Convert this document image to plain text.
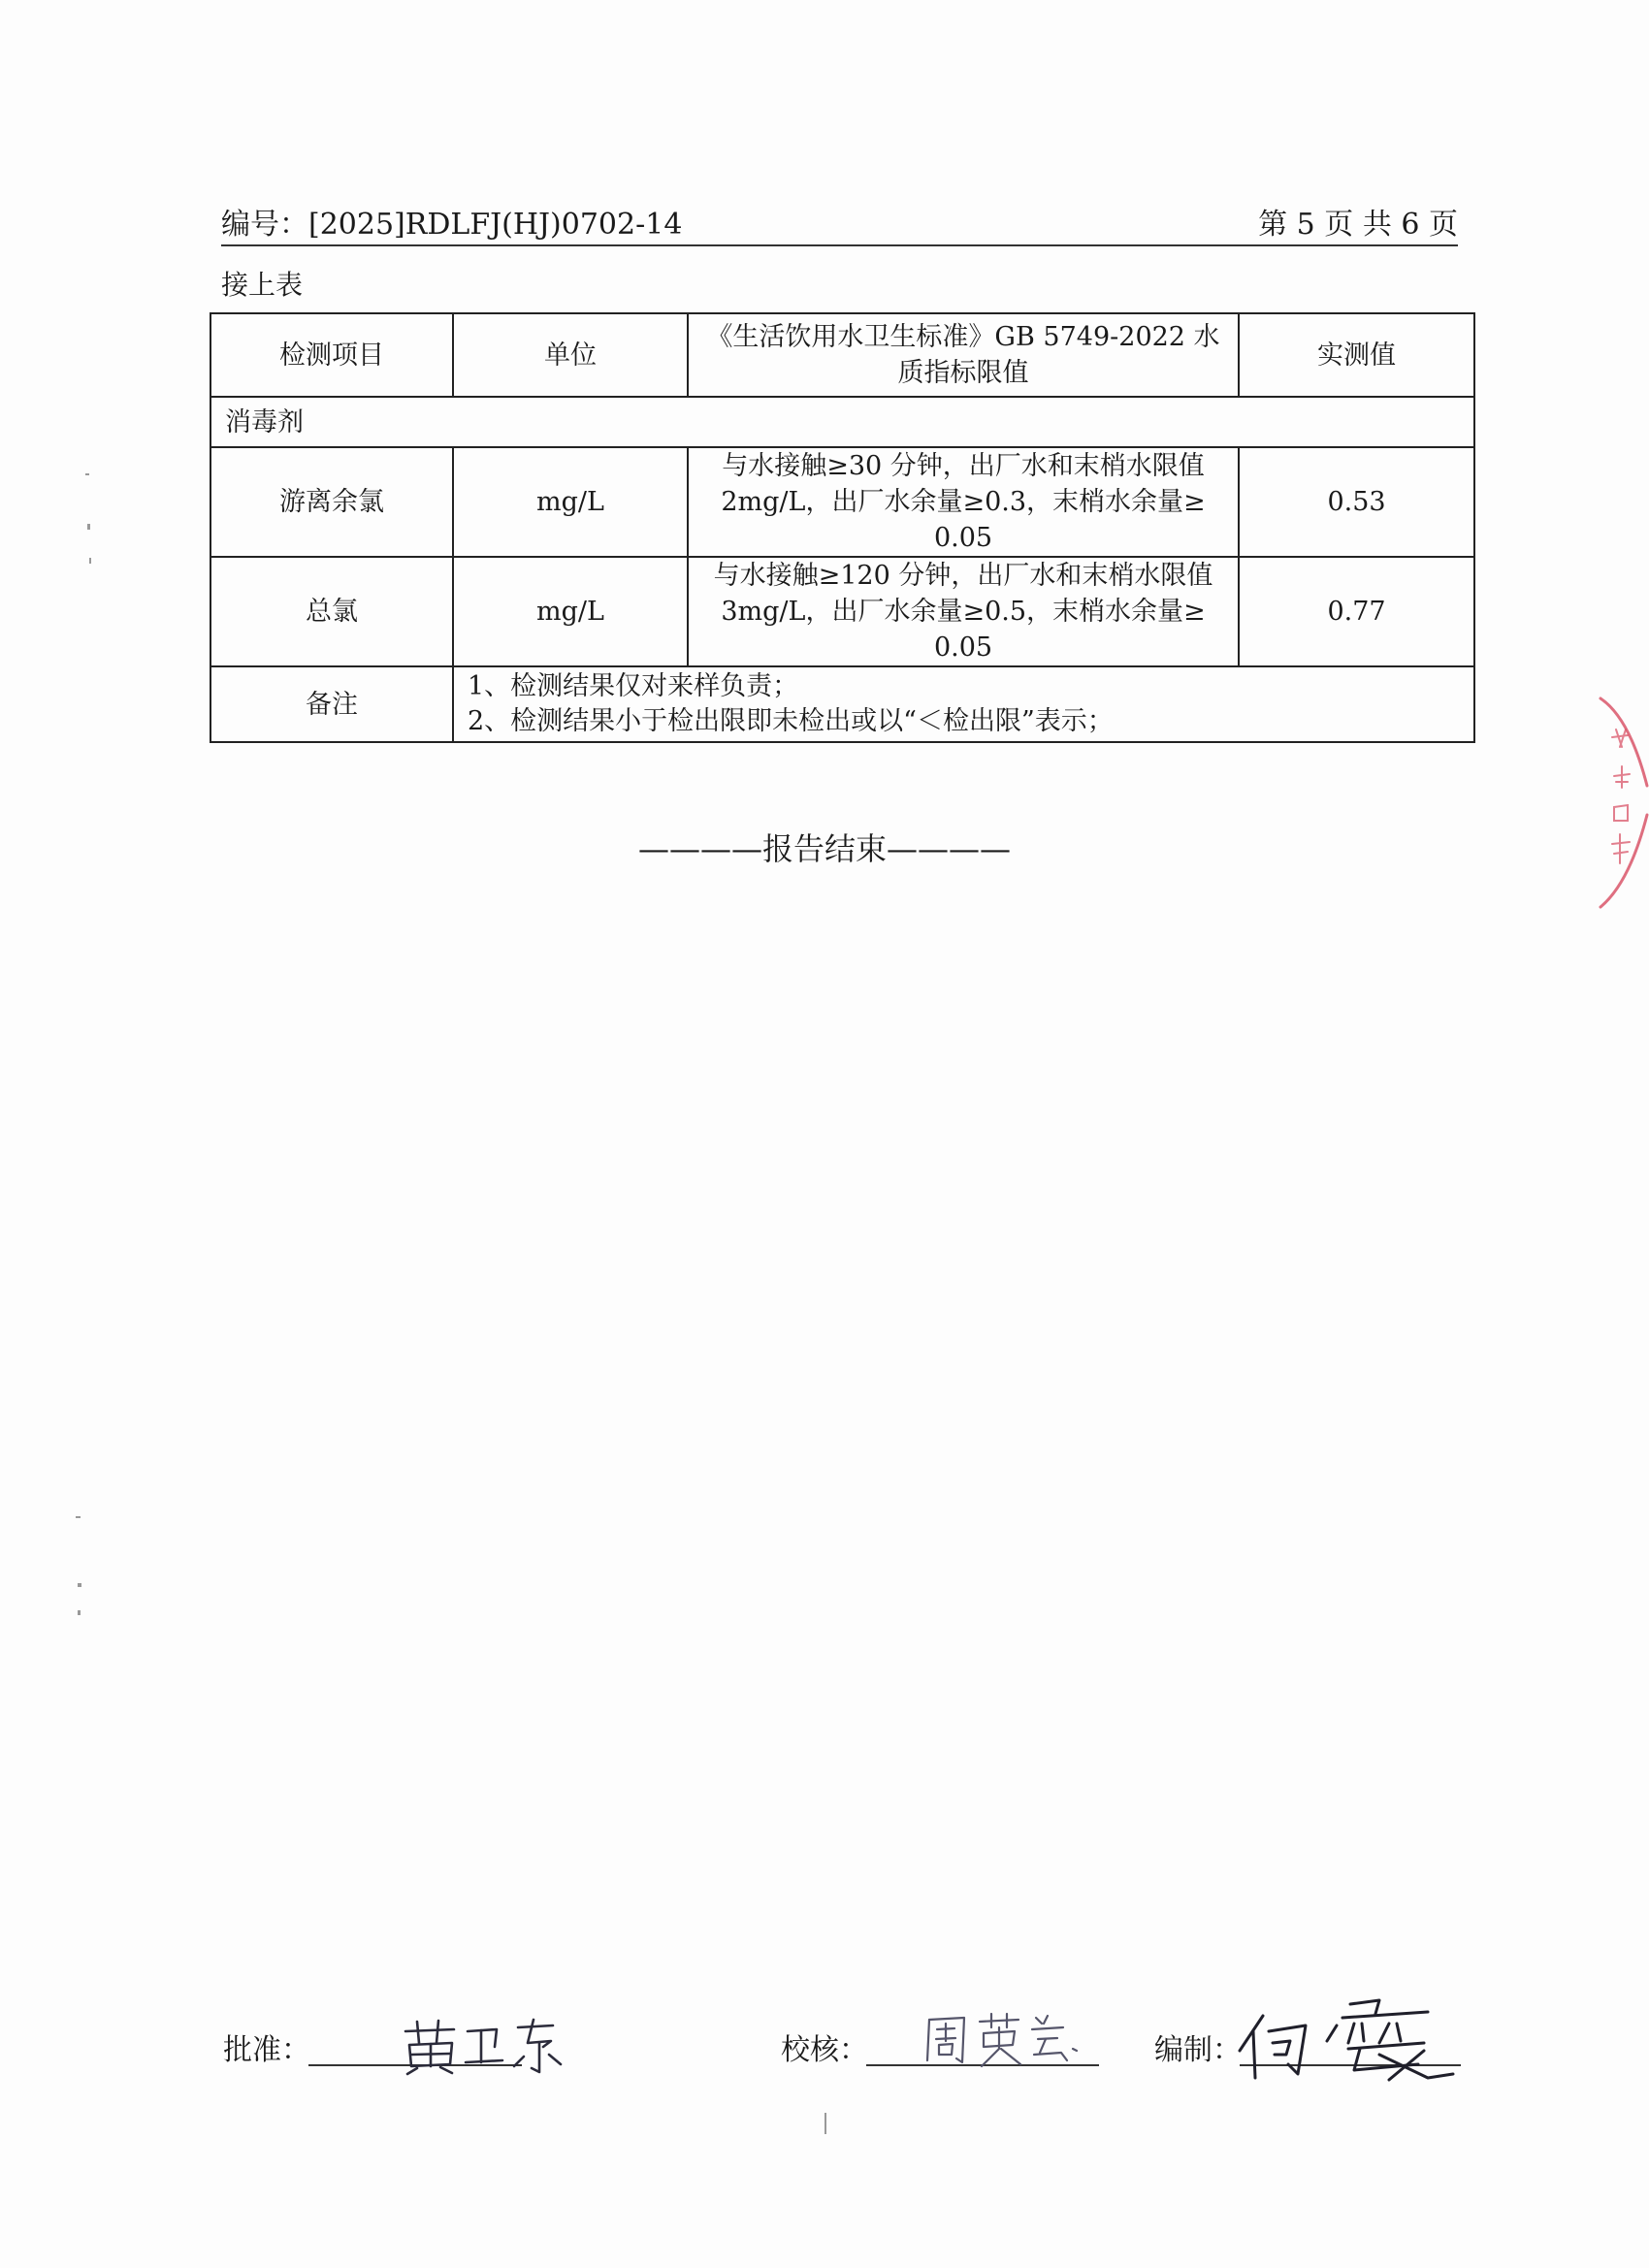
编号：[2025]RDLFJ(HJ)0702-14	第 5 页 共 6 页
接上表
检测项目	单位	《生活饮用水卫生标准》GB 5749-2022 水质指标限值	实测值
消毒剂			
游离余氯	mg/L	与水接触≥30 分钟，出厂水和末梢水限值
2mg/L，出厂水余量≥0.3，末梢水余量≥
0.05	0.53
总氯	mg/L	与水接触≥120 分钟，出厂水和末梢水限值
3mg/L，出厂水余量≥0.5，末梢水余量≥
0.05	0.77
备注	1、检测结果仅对来样负责；
2、检测结果小于检出限即未检出或以“＜检出限”表示；		
————报告结束————
批准：	校核：	编制：
